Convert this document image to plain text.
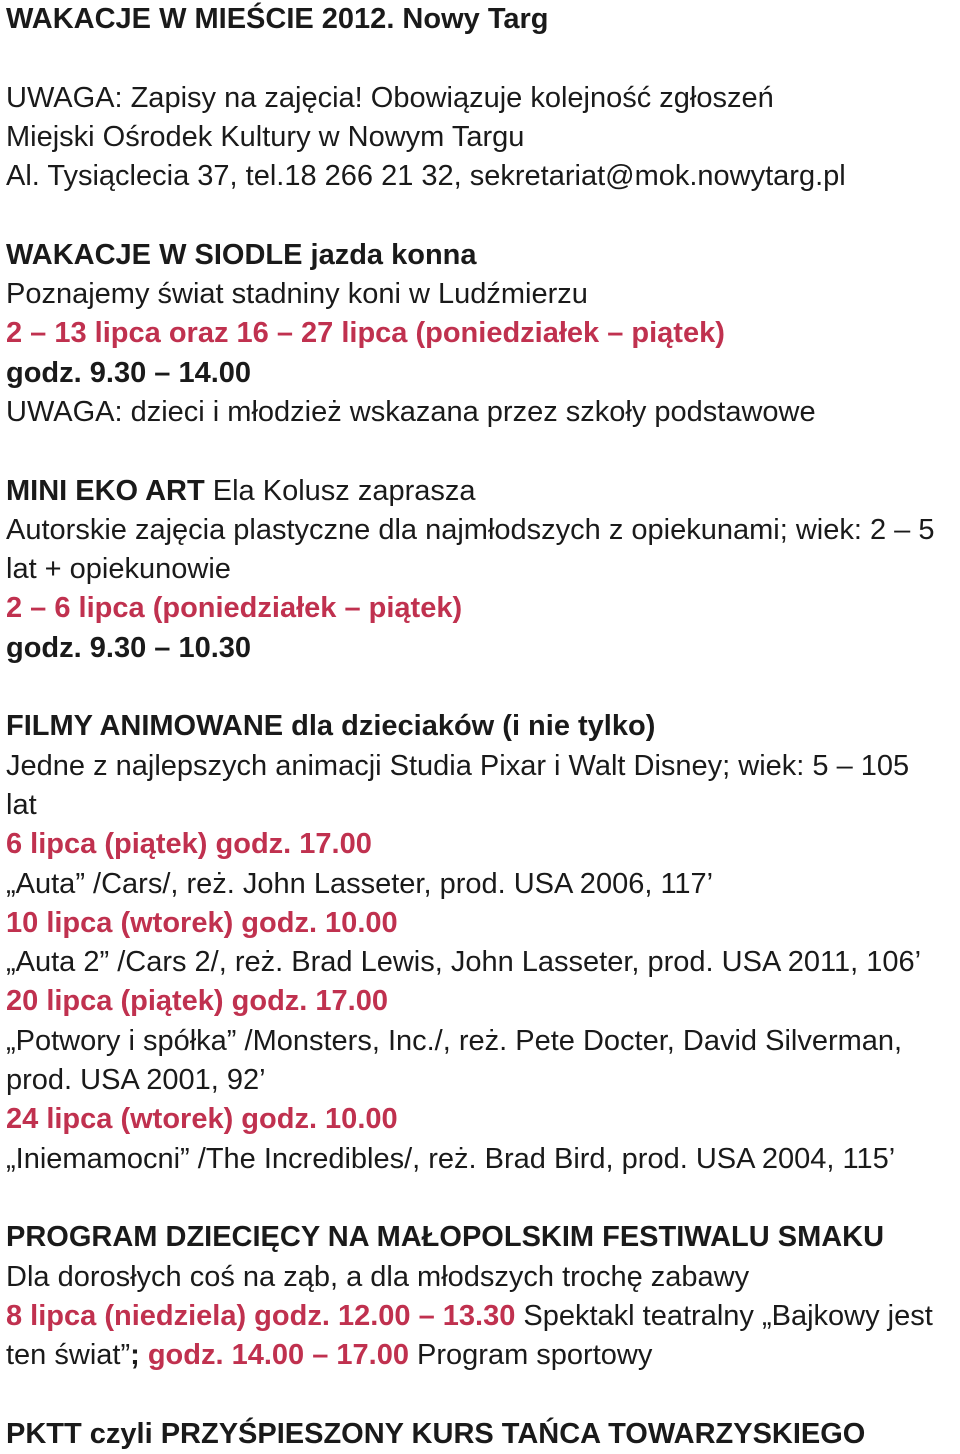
WAKACJE W MIEŚCIE 2012. Nowy Targ
UWAGA: Zapisy na zajęcia! Obowiązuje kolejność zgłoszeń
Miejski Ośrodek Kultury w Nowym Targu
Al. Tysiąclecia 37, tel.18 266 21 32, sekretariat@mok.nowytarg.pl
WAKACJE W SIODLE jazda konna
Poznajemy świat stadniny koni w Ludźmierzu
2 – 13 lipca oraz 16 – 27 lipca (poniedziałek – piątek)
godz. 9.30 – 14.00
UWAGA: dzieci i młodzież wskazana przez szkoły podstawowe
MINI EKO ART Ela Kolusz zaprasza
Autorskie zajęcia plastyczne dla najmłodszych z opiekunami; wiek: 2 – 5
lat + opiekunowie
2 – 6 lipca (poniedziałek – piątek)
godz. 9.30 – 10.30
FILMY ANIMOWANE dla dzieciaków (i nie tylko)
Jedne z najlepszych animacji Studia Pixar i Walt Disney; wiek: 5 – 105
lat
6 lipca (piątek) godz. 17.00
„Auta” /Cars/, reż. John Lasseter, prod. USA 2006, 117’
10 lipca (wtorek) godz. 10.00
„Auta 2” /Cars 2/, reż. Brad Lewis, John Lasseter, prod. USA 2011, 106’
20 lipca (piątek) godz. 17.00
„Potwory i spółka” /Monsters, Inc./, reż. Pete Docter, David Silverman,
prod. USA 2001, 92’
24 lipca (wtorek) godz. 10.00
„Iniemamocni” /The Incredibles/, reż. Brad Bird, prod. USA 2004, 115’
PROGRAM DZIECIĘCY NA MAŁOPOLSKIM FESTIWALU SMAKU
Dla dorosłych coś na ząb, a dla młodszych trochę zabawy
8 lipca (niedziela) godz. 12.00 – 13.30 Spektakl teatralny „Bajkowy jest
ten świat”; godz. 14.00 – 17.00 Program sportowy
PKTT czyli PRZYŚPIESZONY KURS TAŃCA TOWARZYSKIEGO
